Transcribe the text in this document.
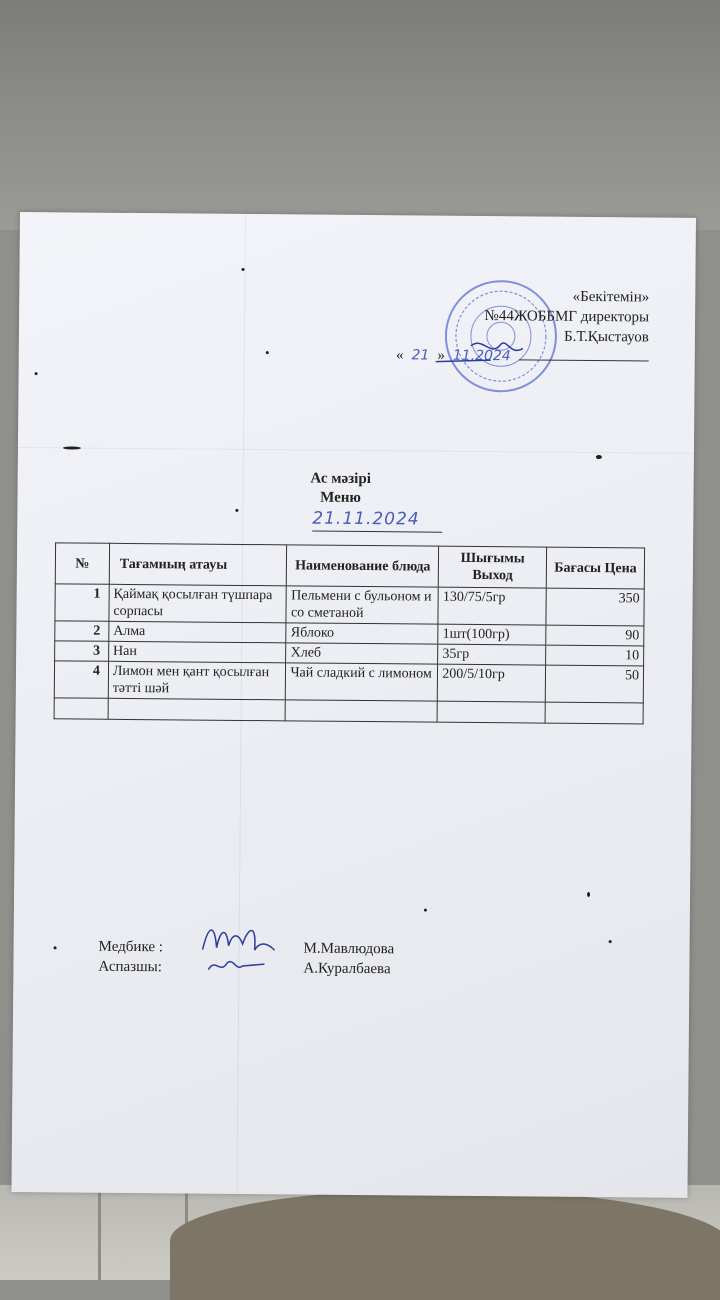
«Бекітемін»
№44ЖОББМГ директоры
Б.Т.Қыстауов
« 21 » 11.2024
Ас мәзірі
Меню
21.11.2024
№	Тағамның атауы	Наименование блюда	Шығымы Выход	Бағасы Цена
1	Қаймақ қосылған түшпара сорпасы	Пельмени с бульоном и со сметаной	130/75/5гр	350
2	Алма	Яблоко	1шт(100гр)	90
3	Нан	Хлеб	35гр	10
4	Лимон мен қант қосылған тәтті шәй	Чай сладкий с лимоном	200/5/10гр	50

Медбике :	М.Мавлюдова
Аспазшы:	А.Куралбаева
